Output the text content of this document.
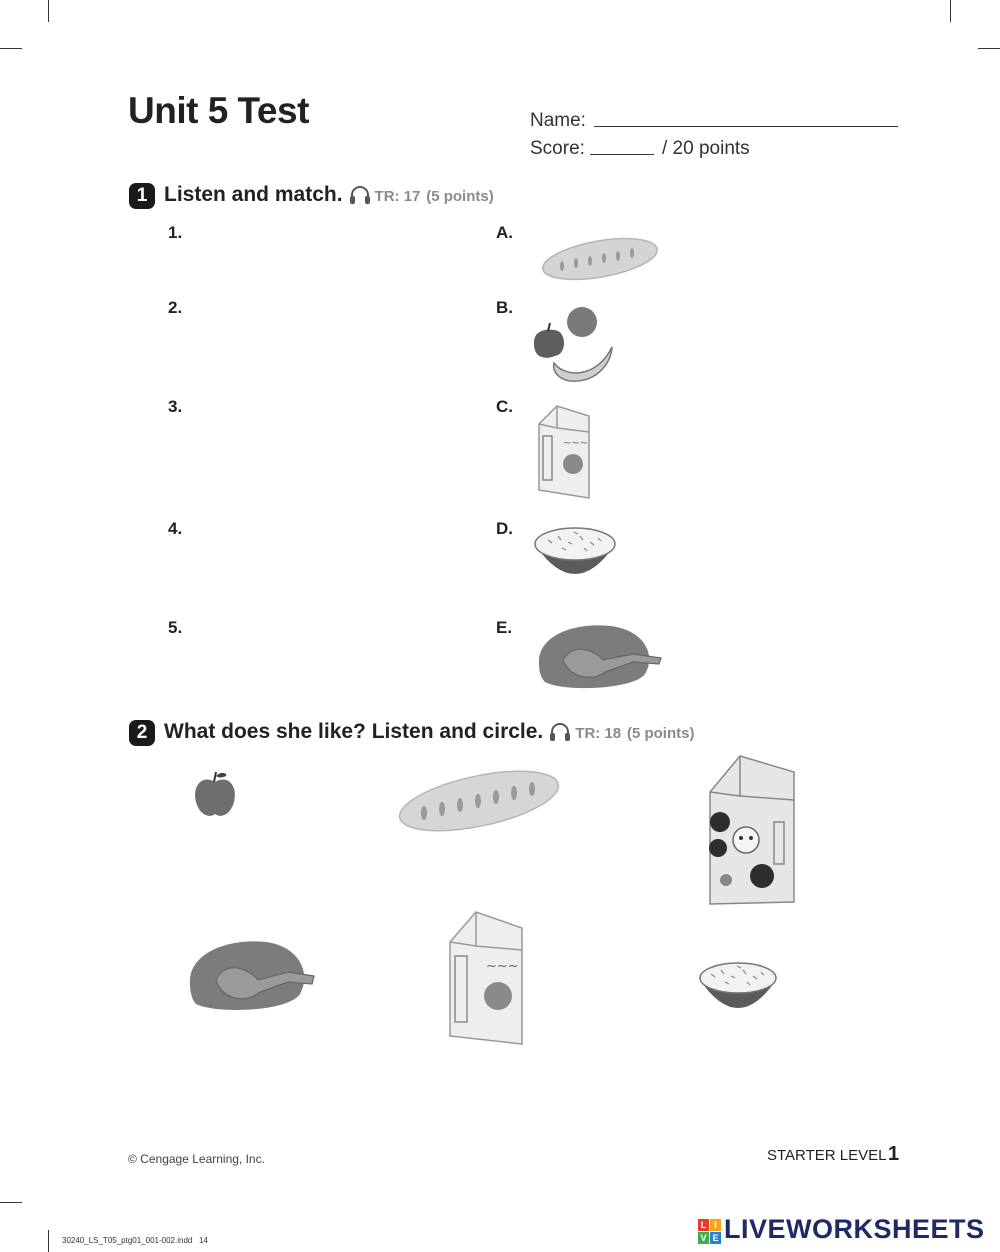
Unit 5 Test	Name:
Score:	/ 20 points
1 Listen and match. TR: 17 (5 points)
1.
2.
3.
4.
5.
A.
B.
C.
D.
E.
~~~
2 What does she like? Listen and circle. TR: 18 (5 points)
~~~
© Cengage Learning, Inc.	STARTER LEVEL 1
30240_LS_T05_ptg01_001-002.indd   14
L I
V E LIVEWORKSHEETS
